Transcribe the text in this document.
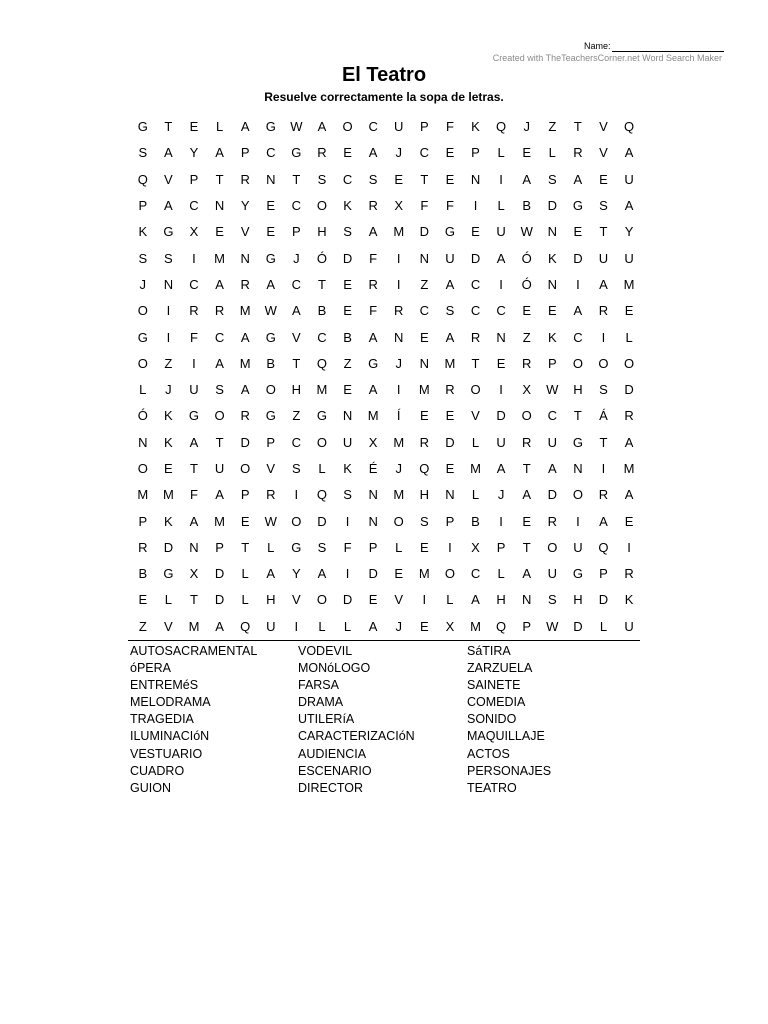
Name:
Created with TheTeachersCorner.net Word Search Maker
El Teatro
Resuelve correctamente la sopa de letras.
G	T	E	L	A	G	W	A	O	C	U	P	F	K	Q	J	Z	T	V	Q
S	A	Y	A	P	C	G	R	E	A	J	C	E	P	L	E	L	R	V	A
Q	V	P	T	R	N	T	S	C	S	E	T	E	N	I	A	S	A	E	U
P	A	C	N	Y	E	C	O	K	R	X	F	F	I	L	B	D	G	S	A
K	G	X	E	V	E	P	H	S	A	M	D	G	E	U	W	N	E	T	Y
S	S	I	M	N	G	J	Ó	D	F	I	N	U	D	A	Ó	K	D	U	U
J	N	C	A	R	A	C	T	E	R	I	Z	A	C	I	Ó	N	I	A	M
O	I	R	R	M	W	A	B	E	F	R	C	S	C	C	E	E	A	R	E
G	I	F	C	A	G	V	C	B	A	N	E	A	R	N	Z	K	C	I	L
O	Z	I	A	M	B	T	Q	Z	G	J	N	M	T	E	R	P	O	O	O
L	J	U	S	A	O	H	M	E	A	I	M	R	O	I	X	W	H	S	D
Ó	K	G	O	R	G	Z	G	N	M	Í	E	E	V	D	O	C	T	Á	R
N	K	A	T	D	P	C	O	U	X	M	R	D	L	U	R	U	G	T	A
O	E	T	U	O	V	S	L	K	É	J	Q	E	M	A	T	A	N	I	M
M	M	F	A	P	R	I	Q	S	N	M	H	N	L	J	A	D	O	R	A
P	K	A	M	E	W	O	D	I	N	O	S	P	B	I	E	R	I	A	E
R	D	N	P	T	L	G	S	F	P	L	E	I	X	P	T	O	U	Q	I
B	G	X	D	L	A	Y	A	I	D	E	M	O	C	L	A	U	G	P	R
E	L	T	D	L	H	V	O	D	E	V	I	L	A	H	N	S	H	D	K
Z	V	M	A	Q	U	I	L	L	A	J	E	X	M	Q	P	W	D	L	U
AUTOSACRAMENTAL
óPERA
ENTREMéS
MELODRAMA
TRAGEDIA
ILUMINACIóN
VESTUARIO
CUADRO
GUION
VODEVIL
MONóLOGO
FARSA
DRAMA
UTILERíA
CARACTERIZACIóN
AUDIENCIA
ESCENARIO
DIRECTOR
SáTIRA
ZARZUELA
SAINETE
COMEDIA
SONIDO
MAQUILLAJE
ACTOS
PERSONAJES
TEATRO
